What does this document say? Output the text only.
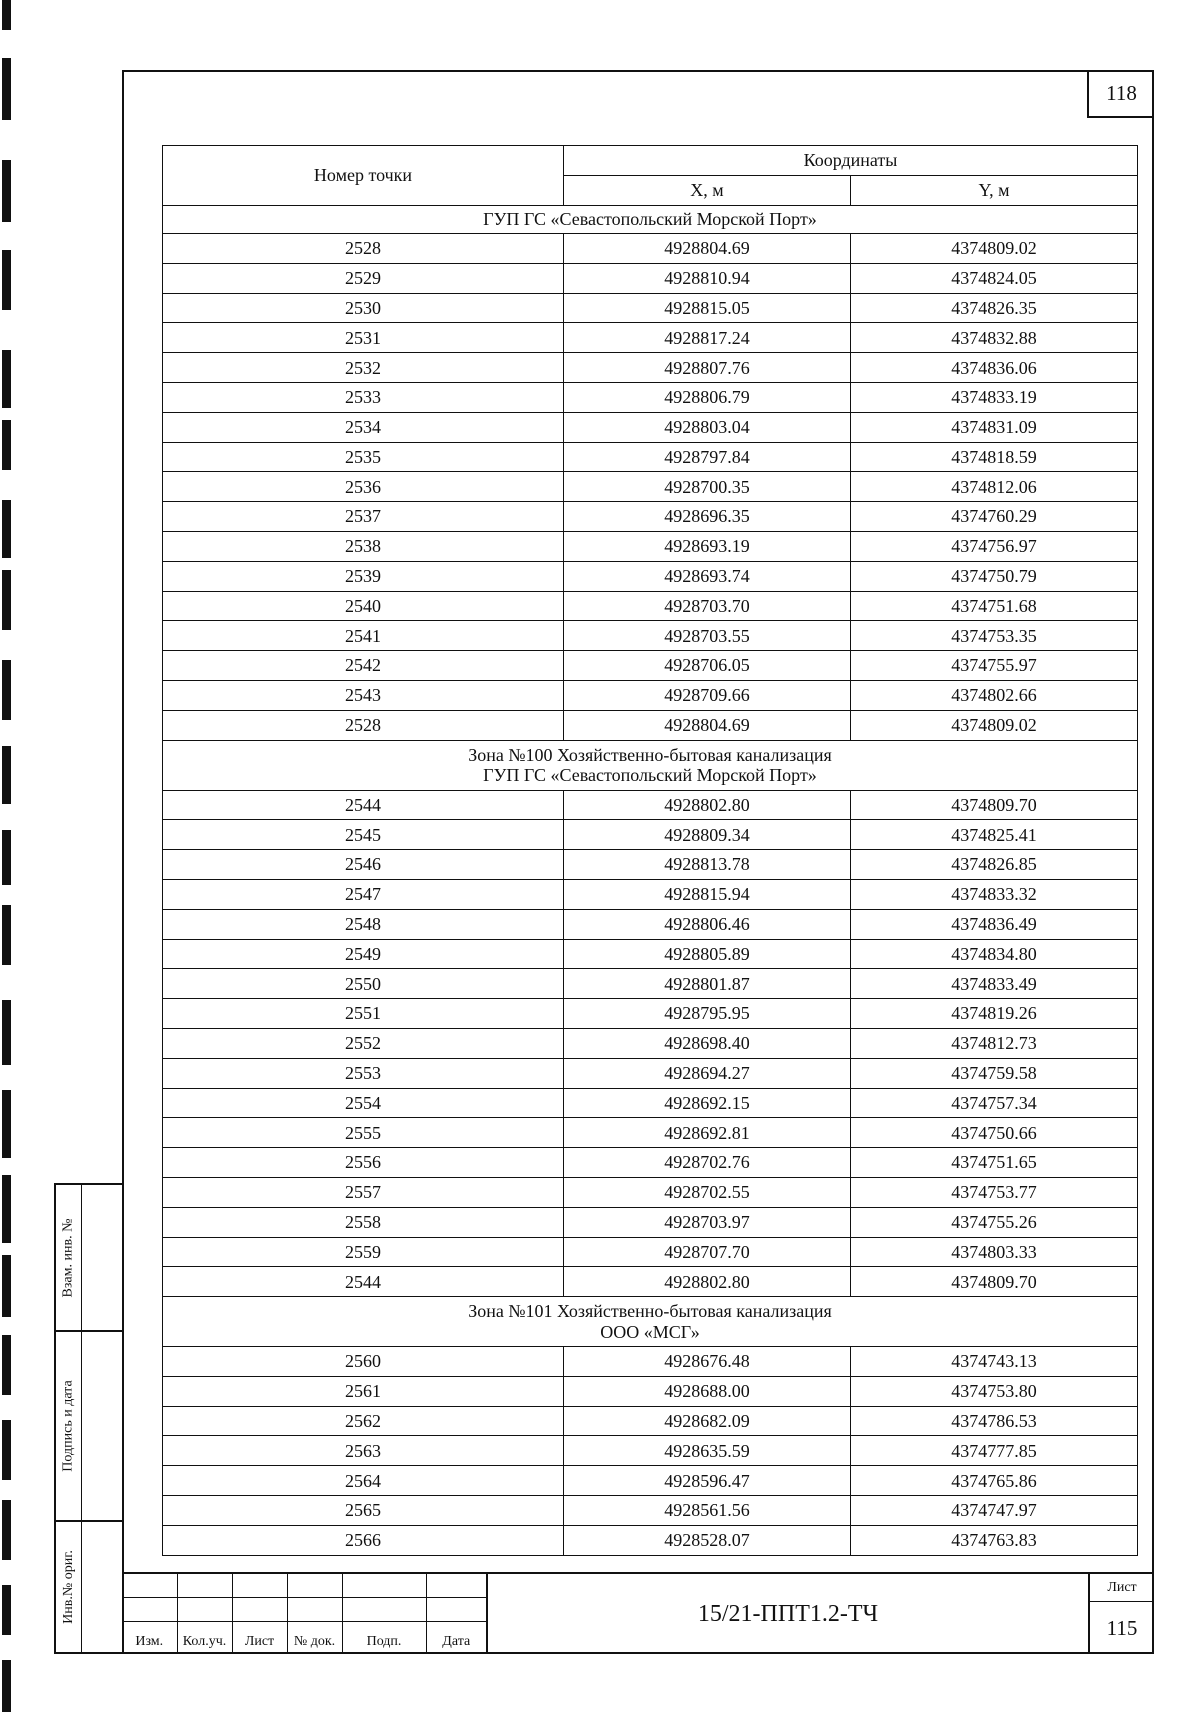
118
Номер точки	Координаты	
	X, м	Y, м

ГУП ГС «Севастопольский Морской Порт»		

2528	4928804.69	4374809.02
2529	4928810.94	4374824.05
2530	4928815.05	4374826.35
2531	4928817.24	4374832.88
2532	4928807.76	4374836.06
2533	4928806.79	4374833.19
2534	4928803.04	4374831.09
2535	4928797.84	4374818.59
2536	4928700.35	4374812.06
2537	4928696.35	4374760.29
2538	4928693.19	4374756.97
2539	4928693.74	4374750.79
2540	4928703.70	4374751.68
2541	4928703.55	4374753.35
2542	4928706.05	4374755.97
2543	4928709.66	4374802.66
2528	4928804.69	4374809.02

Зона №100 Хозяйственно-бытовая канализация
ГУП ГС «Севастопольский Морской Порт»		

2544	4928802.80	4374809.70
2545	4928809.34	4374825.41
2546	4928813.78	4374826.85
2547	4928815.94	4374833.32
2548	4928806.46	4374836.49
2549	4928805.89	4374834.80
2550	4928801.87	4374833.49
2551	4928795.95	4374819.26
2552	4928698.40	4374812.73
2553	4928694.27	4374759.58
2554	4928692.15	4374757.34
2555	4928692.81	4374750.66
2556	4928702.76	4374751.65
2557	4928702.55	4374753.77
2558	4928703.97	4374755.26
2559	4928707.70	4374803.33
2544	4928802.80	4374809.70

Зона №101 Хозяйственно-бытовая канализация
ООО «МСГ»		

2560	4928676.48	4374743.13
2561	4928688.00	4374753.80
2562	4928682.09	4374786.53
2563	4928635.59	4374777.85
2564	4928596.47	4374765.86
2565	4928561.56	4374747.97
2566	4928528.07	4374763.83
Взам. инв. №
Подпись и дата
Инв.№ ориг.

Изм.	Кол.уч.	Лист	№ док.	Подп.	Дата
15/21-ППТ1.2-ТЧ
Лист
115
